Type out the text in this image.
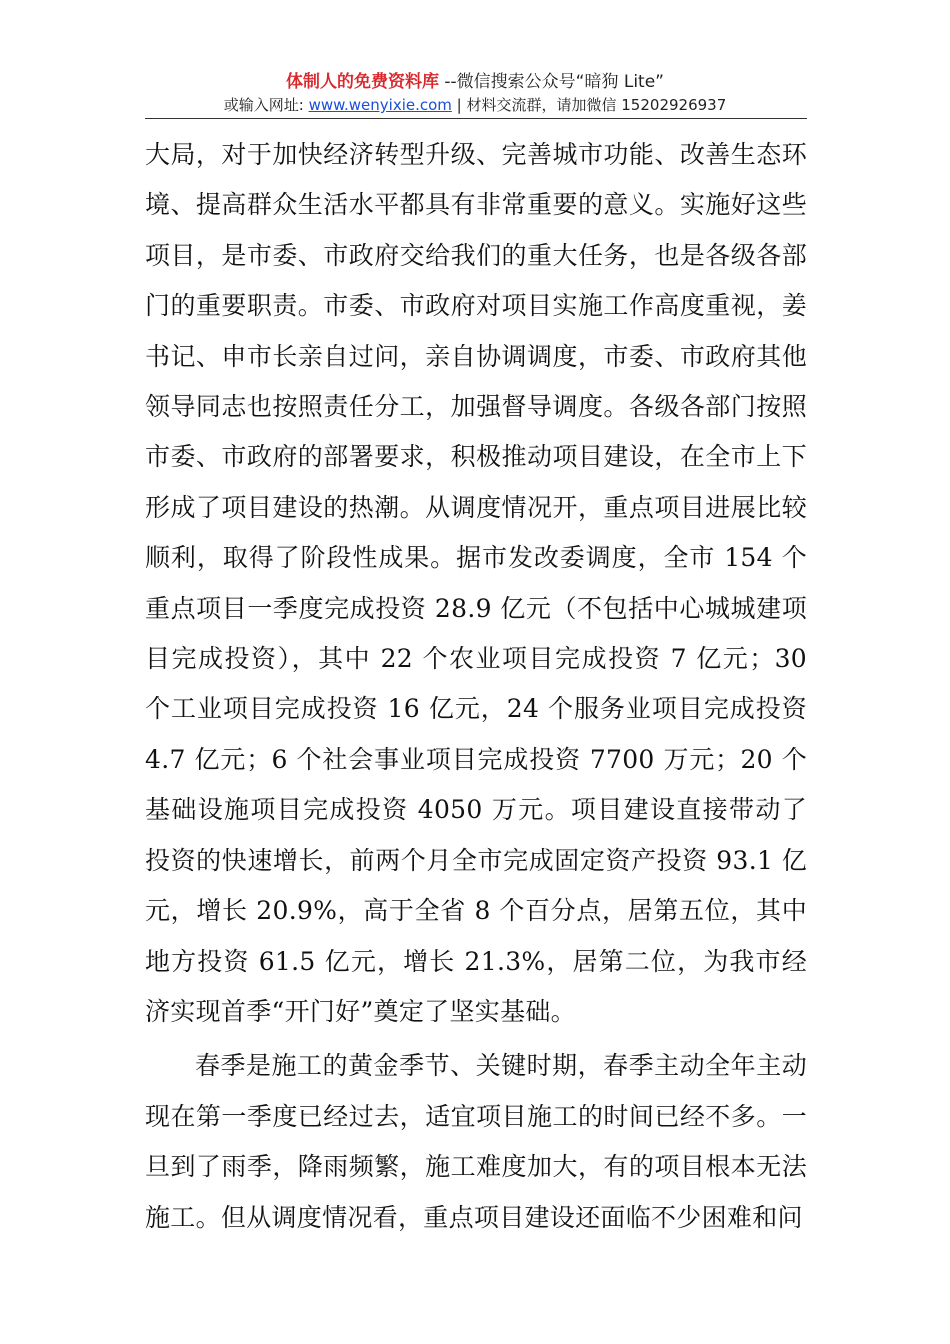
体制人的免费资料库 --微信搜索公众号“暗狗 Lite”
或输入网址: www.wenyixie.com | 材料交流群，请加微信 15202926937

大局，对于加快经济转型升级、完善城市功能、改善生态环境、提高群众生活水平都具有非常重要的意义。实施好这些项目，是市委、市政府交给我们的重大任务，也是各级各部门的重要职责。市委、市政府对项目实施工作高度重视，姜书记、申市长亲自过问，亲自协调调度，市委、市政府其他领导同志也按照责任分工，加强督导调度。各级各部门按照市委、市政府的部署要求，积极推动项目建设，在全市上下形成了项目建设的热潮。从调度情况开，重点项目进展比较顺利，取得了阶段性成果。据市发改委调度，全市 154 个重点项目一季度完成投资 28.9 亿元（不包括中心城城建项目完成投资），其中 22 个农业项目完成投资 7 亿元；30 个工业项目完成投资 16 亿元，24 个服务业项目完成投资 4.7 亿元；6 个社会事业项目完成投资 7700 万元；20 个基础设施项目完成投资 4050 万元。项目建设直接带动了投资的快速增长，前两个月全市完成固定资产投资 93.1 亿元，增长 20.9%，高于全省 8 个百分点，居第五位，其中地方投资 61.5 亿元，增长 21.3%，居第二位，为我市经济实现首季“开门好”奠定了坚实基础。

春季是施工的黄金季节、关键时期，春季主动全年主动现在第一季度已经过去，适宜项目施工的时间已经不多。一旦到了雨季，降雨频繁，施工难度加大，有的项目根本无法施工。但从调度情况看，重点项目建设还面临不少困难和问
